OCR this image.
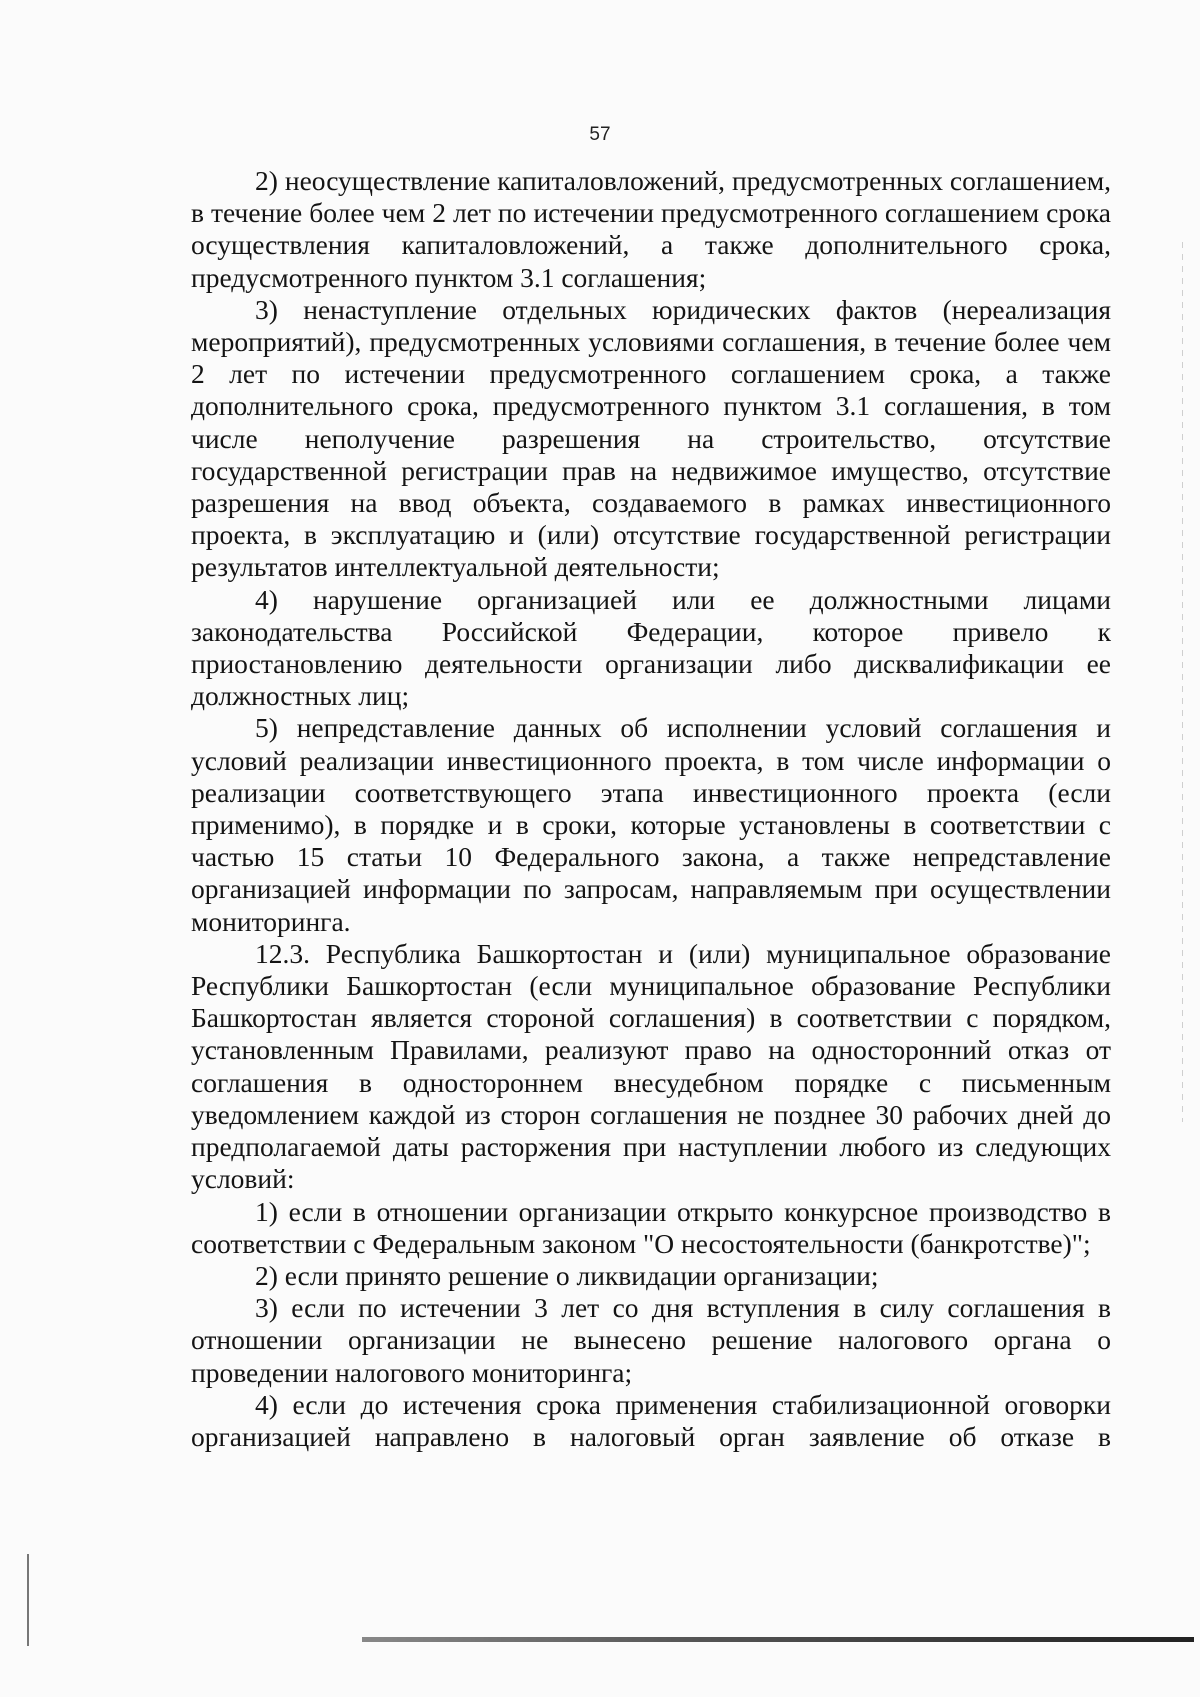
57

2) неосуществление капиталовложений, предусмотренных соглашением, в течение более чем 2 лет по истечении предусмотренного соглашением срока осуществления капиталовложений, а также дополнительного срока, предусмотренного пунктом 3.1 соглашения;

3) ненаступление отдельных юридических фактов (нереализация мероприятий), предусмотренных условиями соглашения, в течение более чем 2 лет по истечении предусмотренного соглашением срока, а также дополнительного срока, предусмотренного пунктом 3.1 соглашения, в том числе неполучение разрешения на строительство, отсутствие государственной регистрации прав на недвижимое имущество, отсутствие разрешения на ввод объекта, создаваемого в рамках инвестиционного проекта, в эксплуатацию и (или) отсутствие государственной регистрации результатов интеллектуальной деятельности;

4) нарушение организацией или ее должностными лицами законодательства Российской Федерации, которое привело к приостановлению деятельности организации либо дисквалификации ее должностных лиц;

5) непредставление данных об исполнении условий соглашения и условий реализации инвестиционного проекта, в том числе информации о реализации соответствующего этапа инвестиционного проекта (если применимо), в порядке и в сроки, которые установлены в соответствии с частью 15 статьи 10 Федерального закона, а также непредставление организацией информации по запросам, направляемым при осуществлении мониторинга.

12.3. Республика Башкортостан и (или) муниципальное образование Республики Башкортостан (если муниципальное образование Республики Башкортостан является стороной соглашения) в соответствии с порядком, установленным Правилами, реализуют право на односторонний отказ от соглашения в одностороннем внесудебном порядке с письменным уведомлением каждой из сторон соглашения не позднее 30 рабочих дней до предполагаемой даты расторжения при наступлении любого из следующих условий:

1) если в отношении организации открыто конкурсное производство в соответствии с Федеральным законом "О несостоятельности (банкротстве)";

2) если принято решение о ликвидации организации;

3) если по истечении 3 лет со дня вступления в силу соглашения в отношении организации не вынесено решение налогового органа о проведении налогового мониторинга;

4) если до истечения срока применения стабилизационной оговорки организацией направлено в налоговый орган заявление об отказе в
